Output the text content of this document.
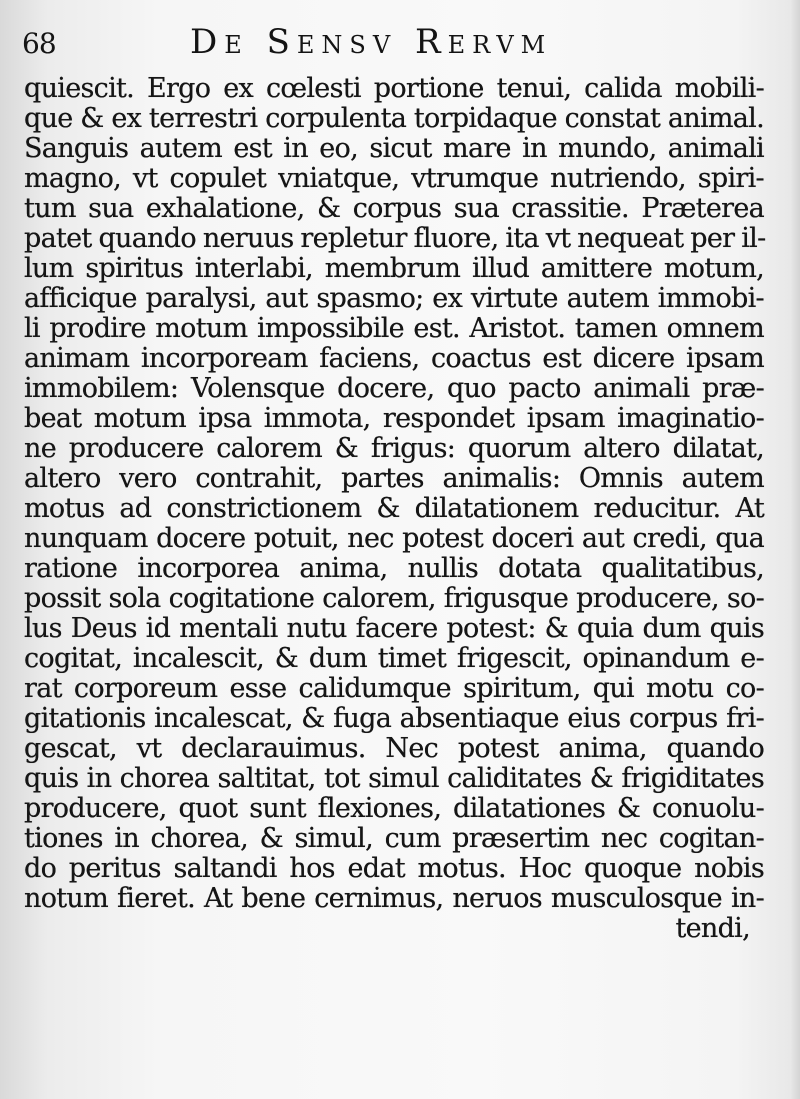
68	De Sensv Rervm
quiescit. Ergo ex cœlesti portione tenui, calida mobili-
que & ex terrestri corpulenta torpidaque constat animal.
Sanguis autem est in eo, sicut mare in mundo, animali
magno, vt copulet vniatque, vtrumque nutriendo, spiri-
tum sua exhalatione, & corpus sua crassitie. Præterea
patet quando neruus repletur fluore, ita vt nequeat per il-
lum spiritus interlabi, membrum illud amittere motum,
afficique paralysi, aut spasmo; ex virtute autem immobi-
li prodire motum impossibile est. Aristot. tamen omnem
animam incorpoream faciens, coactus est dicere ipsam
immobilem: Volensque docere, quo pacto animali præ-
beat motum ipsa immota, respondet ipsam imaginatio-
ne producere calorem & frigus: quorum altero dilatat,
altero vero contrahit, partes animalis: Omnis autem
motus ad constrictionem & dilatationem reducitur. At
nunquam docere potuit, nec potest doceri aut credi, qua
ratione incorporea anima, nullis dotata qualitatibus,
possit sola cogitatione calorem, frigusque producere, so-
lus Deus id mentali nutu facere potest: & quia dum quis
cogitat, incalescit, & dum timet frigescit, opinandum e-
rat corporeum esse calidumque spiritum, qui motu co-
gitationis incalescat, & fuga absentiaque eius corpus fri-
gescat, vt declarauimus. Nec potest anima, quando
quis in chorea saltitat, tot simul caliditates & frigiditates
producere, quot sunt flexiones, dilatationes & conuolu-
tiones in chorea, & simul, cum præsertim nec cogitan-
do peritus saltandi hos edat motus. Hoc quoque nobis
notum fieret. At bene cernimus, neruos musculosque in-
tendi,
